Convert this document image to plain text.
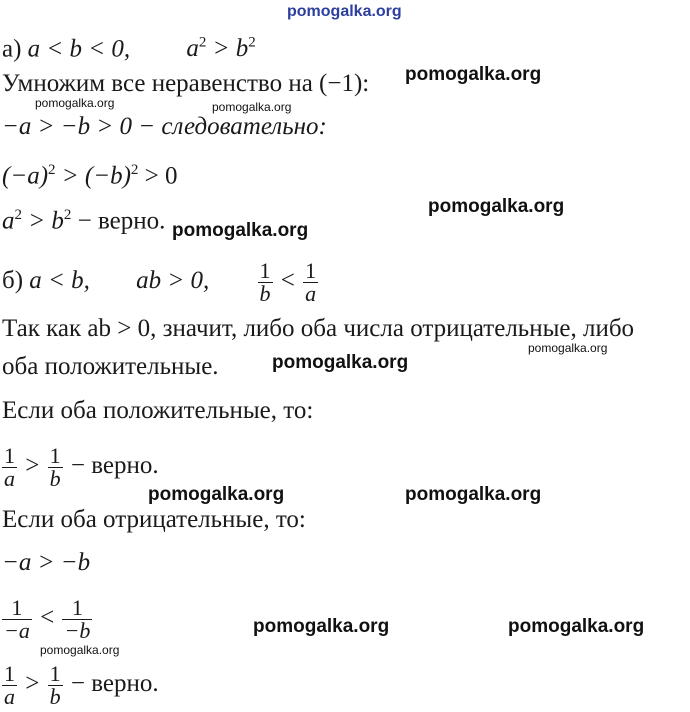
pomogalka.org
pomogalka.org
pomogalka.org	pomogalka.org
pomogalka.org
pomogalka.org
pomogalka.org
pomogalka.org
pomogalka.org	pomogalka.org
pomogalka.org	pomogalka.org
pomogalka.org
а) a < b < 0, $a^2 > b^2$
Умножим все неравенство на (−1):
−a > −b > 0 − следовательно:
$(-a)^2 > (-b)^2 > 0$
$a^2 > b^2$ − верно.
б) a < b, ab > 0, $\frac{1}{b} < \frac{1}{a}$
Так как ab > 0, значит, либо оба числа отрицательные, либо
оба положительные.
Если оба положительные, то:
$\frac{1}{a} > \frac{1}{b}$ − верно.
Если оба отрицательные, то:
−a > −b
$\frac{1}{-a} < \frac{1}{-b}$
$\frac{1}{a} > \frac{1}{b}$ − верно.
